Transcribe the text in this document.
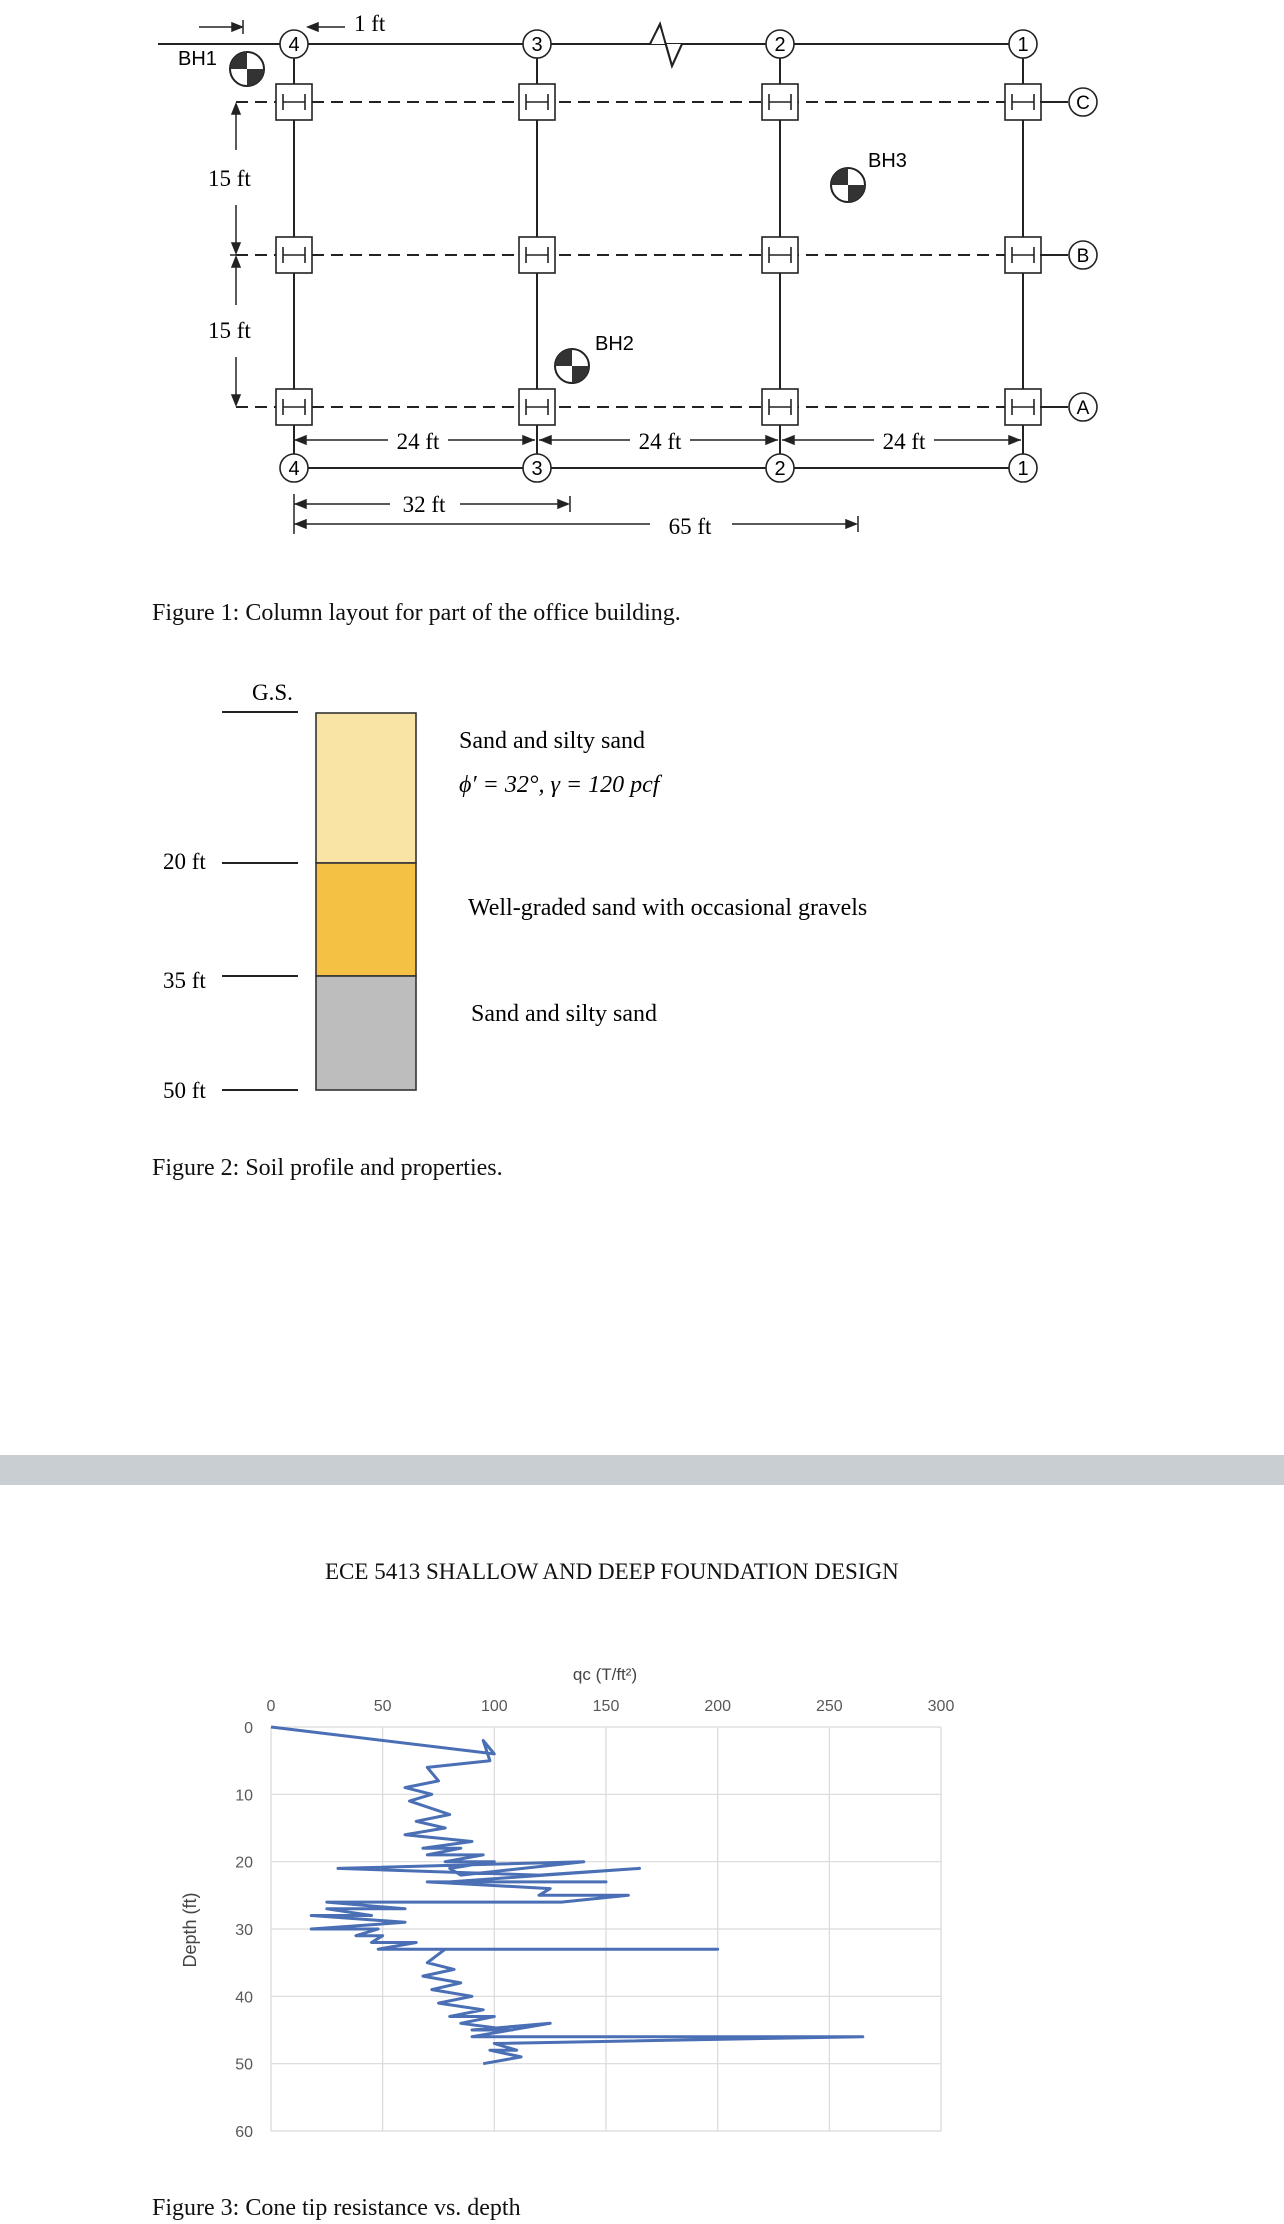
4	3	2	1
4	3	2	1
C
B
A
BH1
BH2
BH3
1 ft
15 ft
15 ft
24 ft	24 ft	24 ft
32 ft
65 ft
Figure 1: Column layout for part of the office building.
G.S.
20 ft
35 ft
50 ft
Sand and silty sand
ϕ′ = 32°, γ = 120 pcf
Well-graded sand with occasional gravels
Sand and silty sand
Figure 2: Soil profile and properties.
ECE 5413 SHALLOW AND DEEP FOUNDATION DESIGN
0	50	100	150	200	250	300
0
10
20
30
40
50
60
qc (T/ft²)
Depth (ft)
Figure 3: Cone tip resistance vs. depth
